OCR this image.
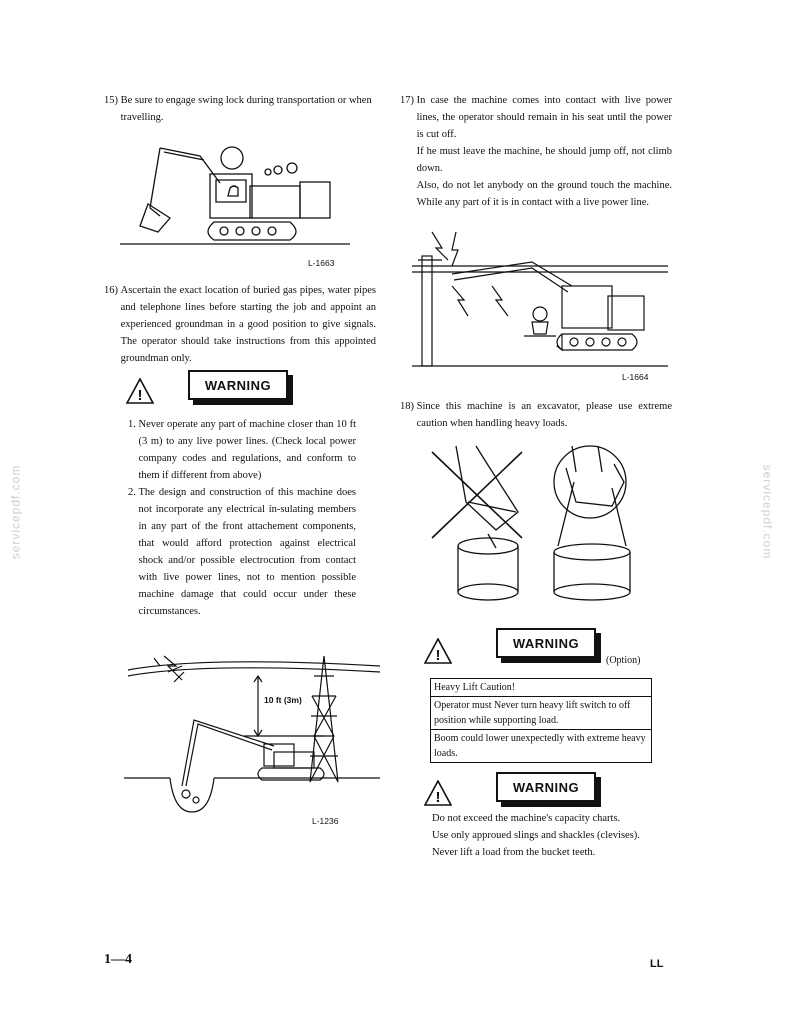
servicepdf.com	servicepdf.com
15)
Be sure to engage swing lock during transportation or when travelling.
L-1663
16)
Ascertain the exact location of buried gas pipes, water pipes and telephone lines before starting the job and appoint an experienced groundman in a good position to give signals. The operator should take instructions from this appointed groundman only.
!
WARNING
1.
Never operate any part of machine closer than 10 ft (3 m) to any live power lines. (Check local power company codes and regulations, and conform to them if different from above)
2.
The design and construction of this machine does not incorporate any electrical in-sulating members in any part of the front attachement components, that would afford protection against electrical shock and/or possible electrocution from contact with live power lines, not to mention possible machine damage that could occur under these circumstances.
10 ft (3m)
L-1236
17)
In case the machine comes into contact with live power lines, the operator should remain in his seat until the power is cut off.
If he must leave the machine, he should jump off, not climb down.
Also, do not let anybody on the ground touch the machine. While any part of it is in contact with a live power line.
L-1664
18)
Since this machine is an excavator, please use extreme caution when handling heavy loads.
!
WARNING
(Option)
Heavy Lift Caution!
Operator must Never turn heavy lift switch to off position while supporting load.
Boom could lower unexpectedly with extreme heavy loads.
!
WARNING
Do not exceed the machine's capacity charts.
Use only approued slings and shackles (clevises).
Never lift a load from the bucket teeth.
1—4	LL
